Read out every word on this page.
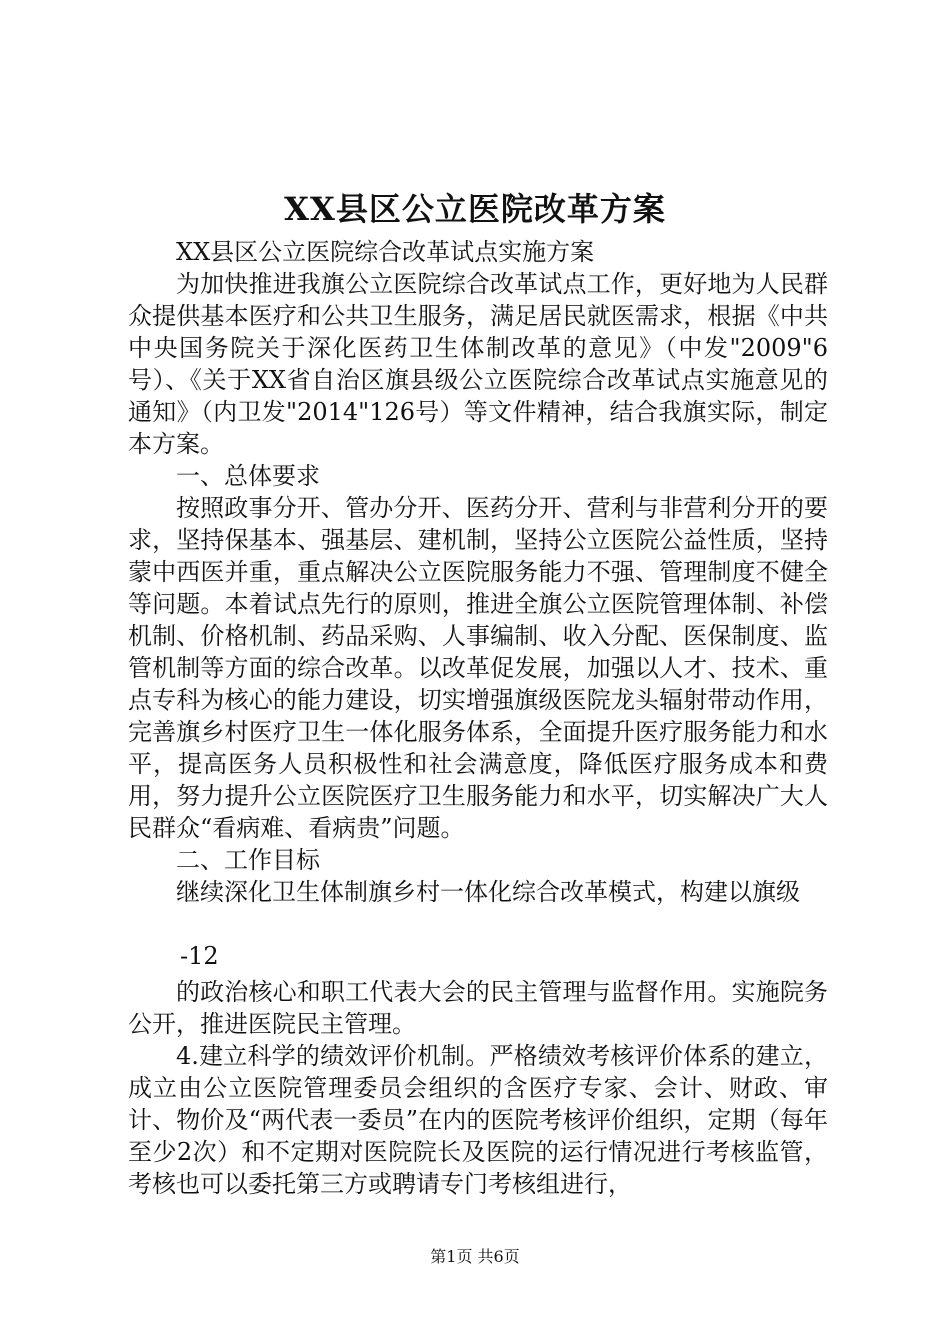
XX县区公立医院改革方案

XX县区公立医院综合改革试点实施方案

为加快推进我旗公立医院综合改革试点工作，更好地为人民群众提供基本医疗和公共卫生服务，满足居民就医需求，根据《中共中央国务院关于深化医药卫生体制改革的意见》（中发"2009"6号）、《关于XX省自治区旗县级公立医院综合改革试点实施意见的通知》（内卫发"2014"126号）等文件精神，结合我旗实际，制定本方案。

一、总体要求

按照政事分开、管办分开、医药分开、营利与非营利分开的要求，坚持保基本、强基层、建机制，坚持公立医院公益性质，坚持蒙中西医并重，重点解决公立医院服务能力不强、管理制度不健全等问题。本着试点先行的原则，推进全旗公立医院管理体制、补偿机制、价格机制、药品采购、人事编制、收入分配、医保制度、监管机制等方面的综合改革。以改革促发展，加强以人才、技术、重点专科为核心的能力建设，切实增强旗级医院龙头辐射带动作用，完善旗乡村医疗卫生一体化服务体系，全面提升医疗服务能力和水平，提高医务人员积极性和社会满意度，降低医疗服务成本和费用，努力提升公立医院医疗卫生服务能力和水平，切实解决广大人民群众“看病难、看病贵”问题。

二、工作目标

继续深化卫生体制旗乡村一体化综合改革模式，构建以旗级

-12

的政治核心和职工代表大会的民主管理与监督作用。实施院务公开，推进医院民主管理。

4.建立科学的绩效评价机制。严格绩效考核评价体系的建立，成立由公立医院管理委员会组织的含医疗专家、会计、财政、审计、物价及“两代表一委员”在内的医院考核评价组织，定期（每年至少2次）和不定期对医院院长及医院的运行情况进行考核监管，考核也可以委托第三方或聘请专门考核组进行，

第1页 共6页
